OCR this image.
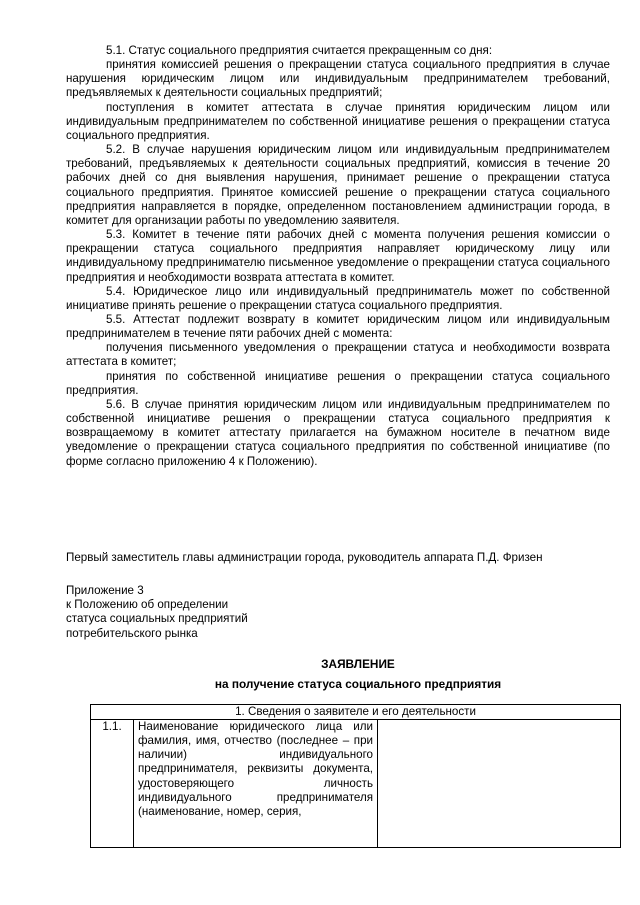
5.1. Статус социального предприятия считается прекращенным со дня:

принятия комиссией решения о прекращении статуса социального предприятия в случае нарушения юридическим лицом или индивидуальным предпринимателем требований, предъявляемых к деятельности социальных предприятий;

поступления в комитет аттестата в случае принятия юридическим лицом или индивидуальным предпринимателем по собственной инициативе решения о прекращении статуса социального предприятия.

5.2. В случае нарушения юридическим лицом или индивидуальным предпринимателем требований, предъявляемых к деятельности социальных предприятий, комиссия в течение 20 рабочих дней со дня выявления нарушения, принимает решение о прекращении статуса социального предприятия. Принятое комиссией решение о прекращении статуса социального предприятия направляется в порядке, определенном постановлением администрации города, в комитет для организации работы по уведомлению заявителя.

5.3. Комитет в течение пяти рабочих дней с момента получения решения комиссии о прекращении статуса социального предприятия направляет юридическому лицу или индивидуальному предпринимателю письменное уведомление о прекращении статуса социального предприятия и необходимости возврата аттестата в комитет.

5.4. Юридическое лицо или индивидуальный предприниматель может по собственной инициативе принять решение о прекращении статуса социального предприятия.

5.5. Аттестат подлежит возврату в комитет юридическим лицом или индивидуальным предпринимателем в течение пяти рабочих дней с момента:

получения письменного уведомления о прекращении статуса и необходимости возврата аттестата в комитет;

принятия по собственной инициативе решения о прекращении статуса социального предприятия.

5.6. В случае принятия юридическим лицом или индивидуальным предпринимателем по собственной инициативе решения о прекращении статуса социального предприятия к возвращаемому в комитет аттестату прилагается на бумажном носителе в печатном виде уведомление о прекращении статуса социального предприятия по собственной инициативе (по форме согласно приложению 4 к Положению).

Первый заместитель главы администрации города, руководитель аппарата П.Д. Фризен
Приложение 3
к Положению об определении
статуса социальных предприятий
потребительского рынка
ЗАЯВЛЕНИЕ
на получение статуса социального предприятия
1. Сведения о заявителе и его деятельности
1.1.	Наименование юридического лица или фамилия, имя, отчество (последнее – при наличии) индивидуального предпринимателя, реквизиты документа, удостоверяющего личность индивидуального предпринимателя (наименование, номер, серия,
